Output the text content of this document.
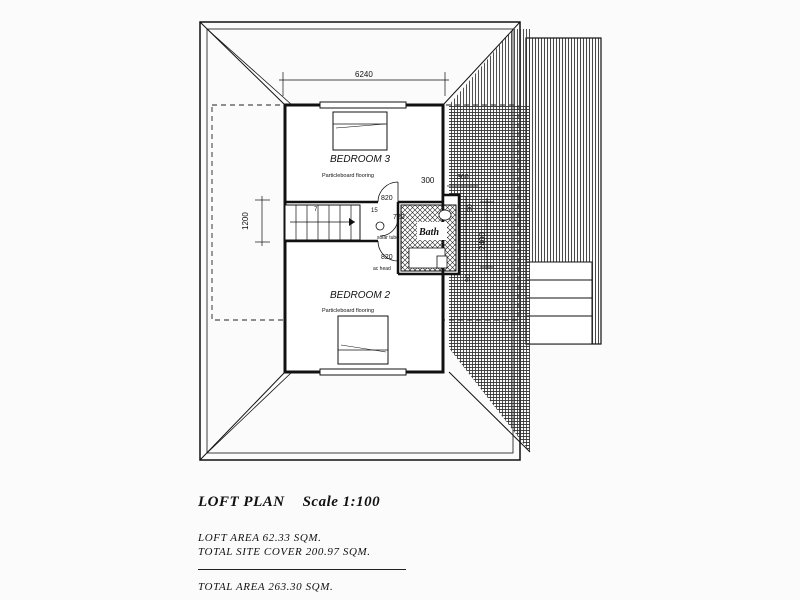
6240
1200
300	360
820
15
7
720
820
90
2400
90
BEDROOM 3
Particleboard flooring
BEDROOM 2
Particleboard flooring
Bath
solar tube
ac head
LOFT PLAN Scale 1:100
LOFT AREA 62.33 SQM.
TOTAL SITE COVER 200.97 SQM.
TOTAL AREA 263.30 SQM.
